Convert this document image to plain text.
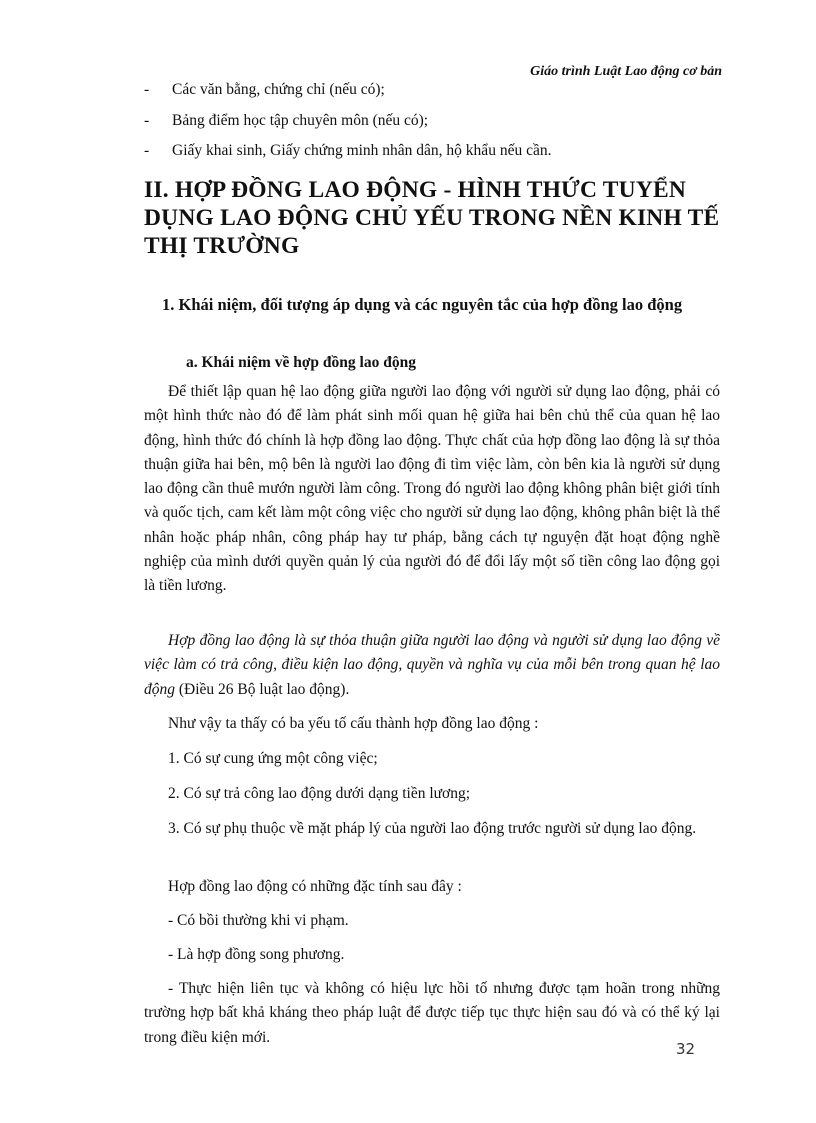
Giáo trình Luật Lao động cơ bản
-	Các văn bằng, chứng chỉ (nếu có);
-	Bảng điểm học tập chuyên môn (nếu có);
-	Giấy khai sinh, Giấy chứng minh nhân dân, hộ khẩu nếu cần.
II. HỢP ĐỒNG LAO ĐỘNG - HÌNH THỨC TUYỂN DỤNG LAO ĐỘNG CHỦ YẾU TRONG NỀN KINH TẾ THỊ TRƯỜNG
1. Khái niệm, đối tượng áp dụng và các nguyên tắc của hợp đồng lao động
a. Khái niệm về hợp đồng lao động

Để thiết lập quan hệ lao động giữa người lao động với người sử dụng lao động, phải có một hình thức nào đó để làm phát sinh mối quan hệ giữa hai bên chủ thể của quan hệ lao động, hình thức đó chính là hợp đồng lao động. Thực chất của hợp đồng lao động là sự thỏa thuận giữa hai bên, mộ bên là người lao động đi tìm việc làm, còn bên kia là người sử dụng lao động cần thuê mướn người làm công. Trong đó người lao động không phân biệt giới tính và quốc tịch, cam kết làm một công việc cho người sử dụng lao động, không phân biệt là thể nhân hoặc pháp nhân, công pháp hay tư pháp, bằng cách tự nguyện đặt hoạt động nghề nghiệp của mình dưới quyền quản lý của người đó để đổi lấy một số tiền công lao động gọi là tiền lương.

Hợp đồng lao động là sự thỏa thuận giữa người lao động và người sử dụng lao động về việc làm có trả công, điều kiện lao động, quyền và nghĩa vụ của mỗi bên trong quan hệ lao động (Điều 26 Bộ luật lao động).

Như vậy ta thấy có ba yếu tố cấu thành hợp đồng lao động :

1. Có sự cung ứng một công việc;

2. Có sự trả công lao động dưới dạng tiền lương;

3. Có sự phụ thuộc về mặt pháp lý của người lao động trước người sử dụng lao động.

Hợp đồng lao động có những đặc tính sau đây :

- Có bồi thường khi vi phạm.

- Là hợp đồng song phương.

- Thực hiện liên tục và không có hiệu lực hồi tố nhưng được tạm hoãn trong những trường hợp bất khả kháng theo pháp luật để được tiếp tục thực hiện sau đó và có thể ký lại trong điều kiện mới.

32
